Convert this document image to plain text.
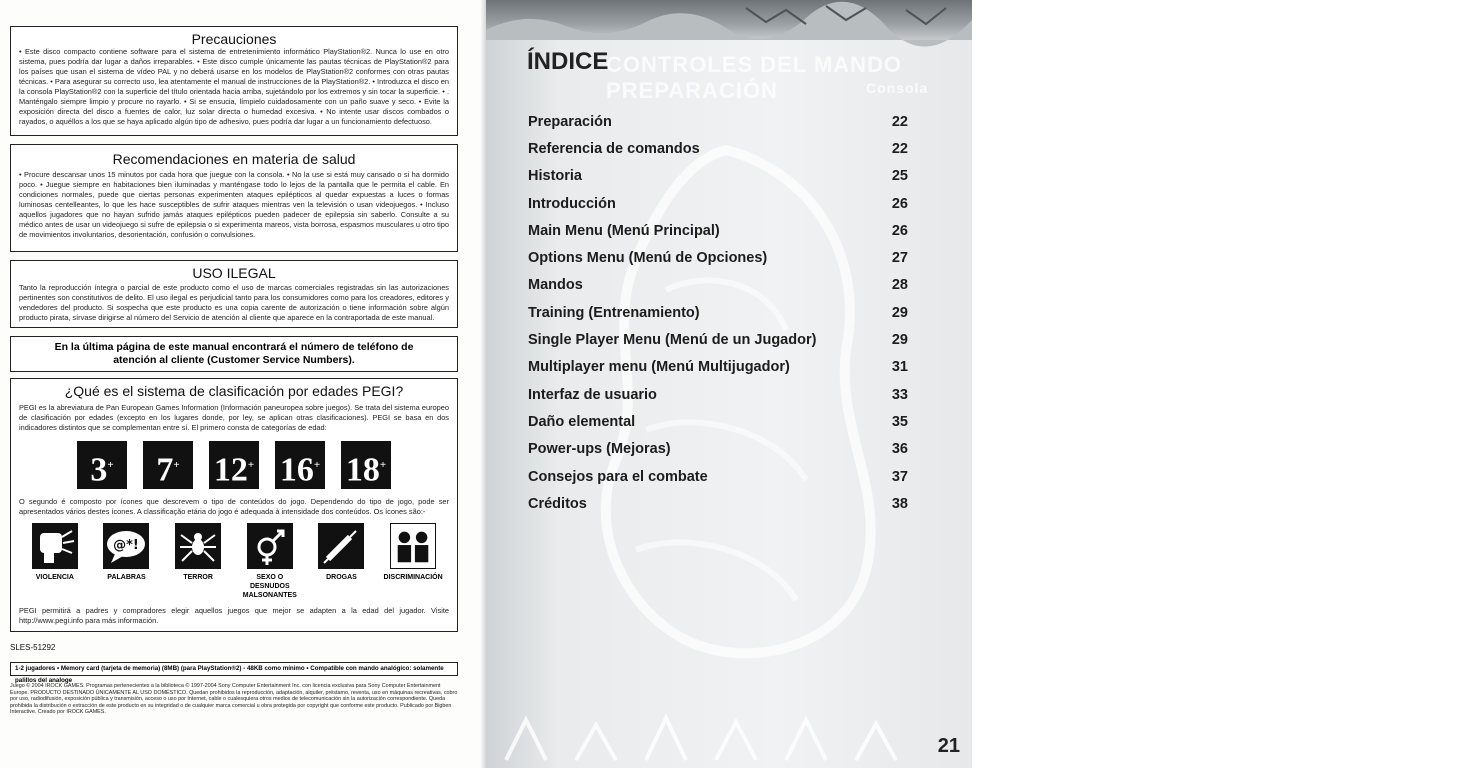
Precauciones

• Este disco compacto contiene software para el sistema de entretenimiento informático PlayStation®2. Nunca lo use en otro sistema, pues podría dar lugar a daños irreparables. • Este disco cumple únicamente las pautas técnicas de PlayStation®2 para los países que usan el sistema de vídeo PAL y no deberá usarse en los modelos de PlayStation®2 conformes con otras pautas técnicas. • Para asegurar su correcto uso, lea atentamente el manual de instrucciones de la PlayStation®2. • Introduzca el disco en la consola PlayStation®2 con la superficie del título orientada hacia arriba, sujetándolo por los extremos y sin tocar la superficie. • . Manténgalo siempre limpio y procure no rayarlo. • Si se ensucia, límpielo cuidadosamente con un paño suave y seco. • Evite la exposición directa del disco a fuentes de calor, luz solar directa o humedad excesiva. • No intente usar discos combados o rayados, o aquéllos a los que se haya aplicado algún tipo de adhesivo, pues podría dar lugar a un funcionamiento defectuoso.

Recomendaciones en materia de salud

• Procure descansar unos 15 minutos por cada hora que juegue con la consola. • No la use si está muy cansado o si ha dormido poco. • Juegue siempre en habitaciones bien iluminadas y manténgase todo lo lejos de la pantalla que le permita el cable. En condiciones normales, puede que ciertas personas experimenten ataques epilépticos al quedar expuestas a luces o formas luminosas centelleantes, lo que les hace susceptibles de sufrir ataques mientras ven la televisión o usan videojuegos. • Incluso aquellos jugadores que no hayan sufrido jamás ataques epilépticos pueden padecer de epilepsia sin saberlo. Consulte a su médico antes de usar un videojuego si sufre de epilepsia o si experimenta mareos, vista borrosa, espasmos musculares u otro tipo de movimientos involuntarios, desorientación, confusión o convulsiones.

USO ILEGAL

Tanto la reproducción íntegra o parcial de este producto como el uso de marcas comerciales registradas sin las autorizaciones pertinentes son constitutivos de delito. El uso ilegal es perjudicial tanto para los consumidores como para los creadores, editores y vendedores del producto. Si sospecha que este producto es una copia carente de autorización o tiene información sobre algún producto pirata, sírvase dirigirse al número del Servicio de atención al cliente que aparece en la contraportada de este manual.

En la última página de este manual encontrará el número de teléfono de
atención al cliente (Customer Service Numbers).
¿Qué es el sistema de clasificación por edades PEGI?

PEGI es la abreviatura de Pan European Games Information (Información paneuropea sobre juegos). Se trata del sistema europeo de clasificación por edades (excepto en los lugares donde, por ley, se aplican otras clasificaciones). PEGI se basa en dos indicadores distintos que se complementan entre sí. El primero consta de categorías de edad:

3+	7+	12+ 16+ 18+

O segundo é composto por ícones que descrevem o tipo de conteúdos do jogo. Dependendo do tipo de jogo, pode ser apresentados vários destes ícones. A classificação etária do jogo é adequada à intensidade dos conteúdos. Os ícones são:-

VIOLENCIA
@*!
PALABRAS	TERROR	SEXO O DESNUDOS MALSONANTES
DROGAS	DISCRIMINACIÓN

PEGI permitirá a padres y compradores elegir aquellos juegos que mejor se adapten a la edad del jugador. Visite http://www.pegi.info para más información.

SLES-51292
1-2 jugadores • Memory card (tarjeta de memoria) (8MB) (para PlayStation®2) - 48KB como mínimo • Compatible con mando analógico: solamente palillos del analoge
Juego © 2004 IROCK GAMES. Programas pertenecientes a la biblioteca © 1997-2004 Sony Computer Entertainment Inc. con licencia exclusiva para Sony Computer Entertainment Europe. PRODUCTO DESTINADO ÚNICAMENTE AL USO DOMÉSTICO. Quedan prohibidos la reproducción, adaptación, alquiler, préstamo, reventa, uso en máquinas recreativas, cobro por uso, radiodifusión, exposición pública y transmisión, acceso o uso por Internet, cable o cualesquiera otros medios de telecomunicación sin la autorización correspondiente. Queda prohibida la distribución o extracción de este producto en su integridad o de cualquier marca comercial u obra protegida por copyright que conforme este producto. Publicado por Bigben Interactive. Creado por IROCK GAMES.
CONTROLES DEL MANDO PREPARACIÓN	Consola	SPAIN
21
ÍNDICE
Preparación	22
Referencia de comandos	22
Historia	25
Introducción	26
Main Menu (Menú Principal)	26
Options Menu (Menú de Opciones)	27
Mandos	28
Training (Entrenamiento)	29
Single Player Menu (Menú de un Jugador)	29
Multiplayer menu (Menú Multijugador)	31
Interfaz de usuario	33
Daño elemental	35
Power-ups (Mejoras)	36
Consejos para el combate	37
Créditos	38
